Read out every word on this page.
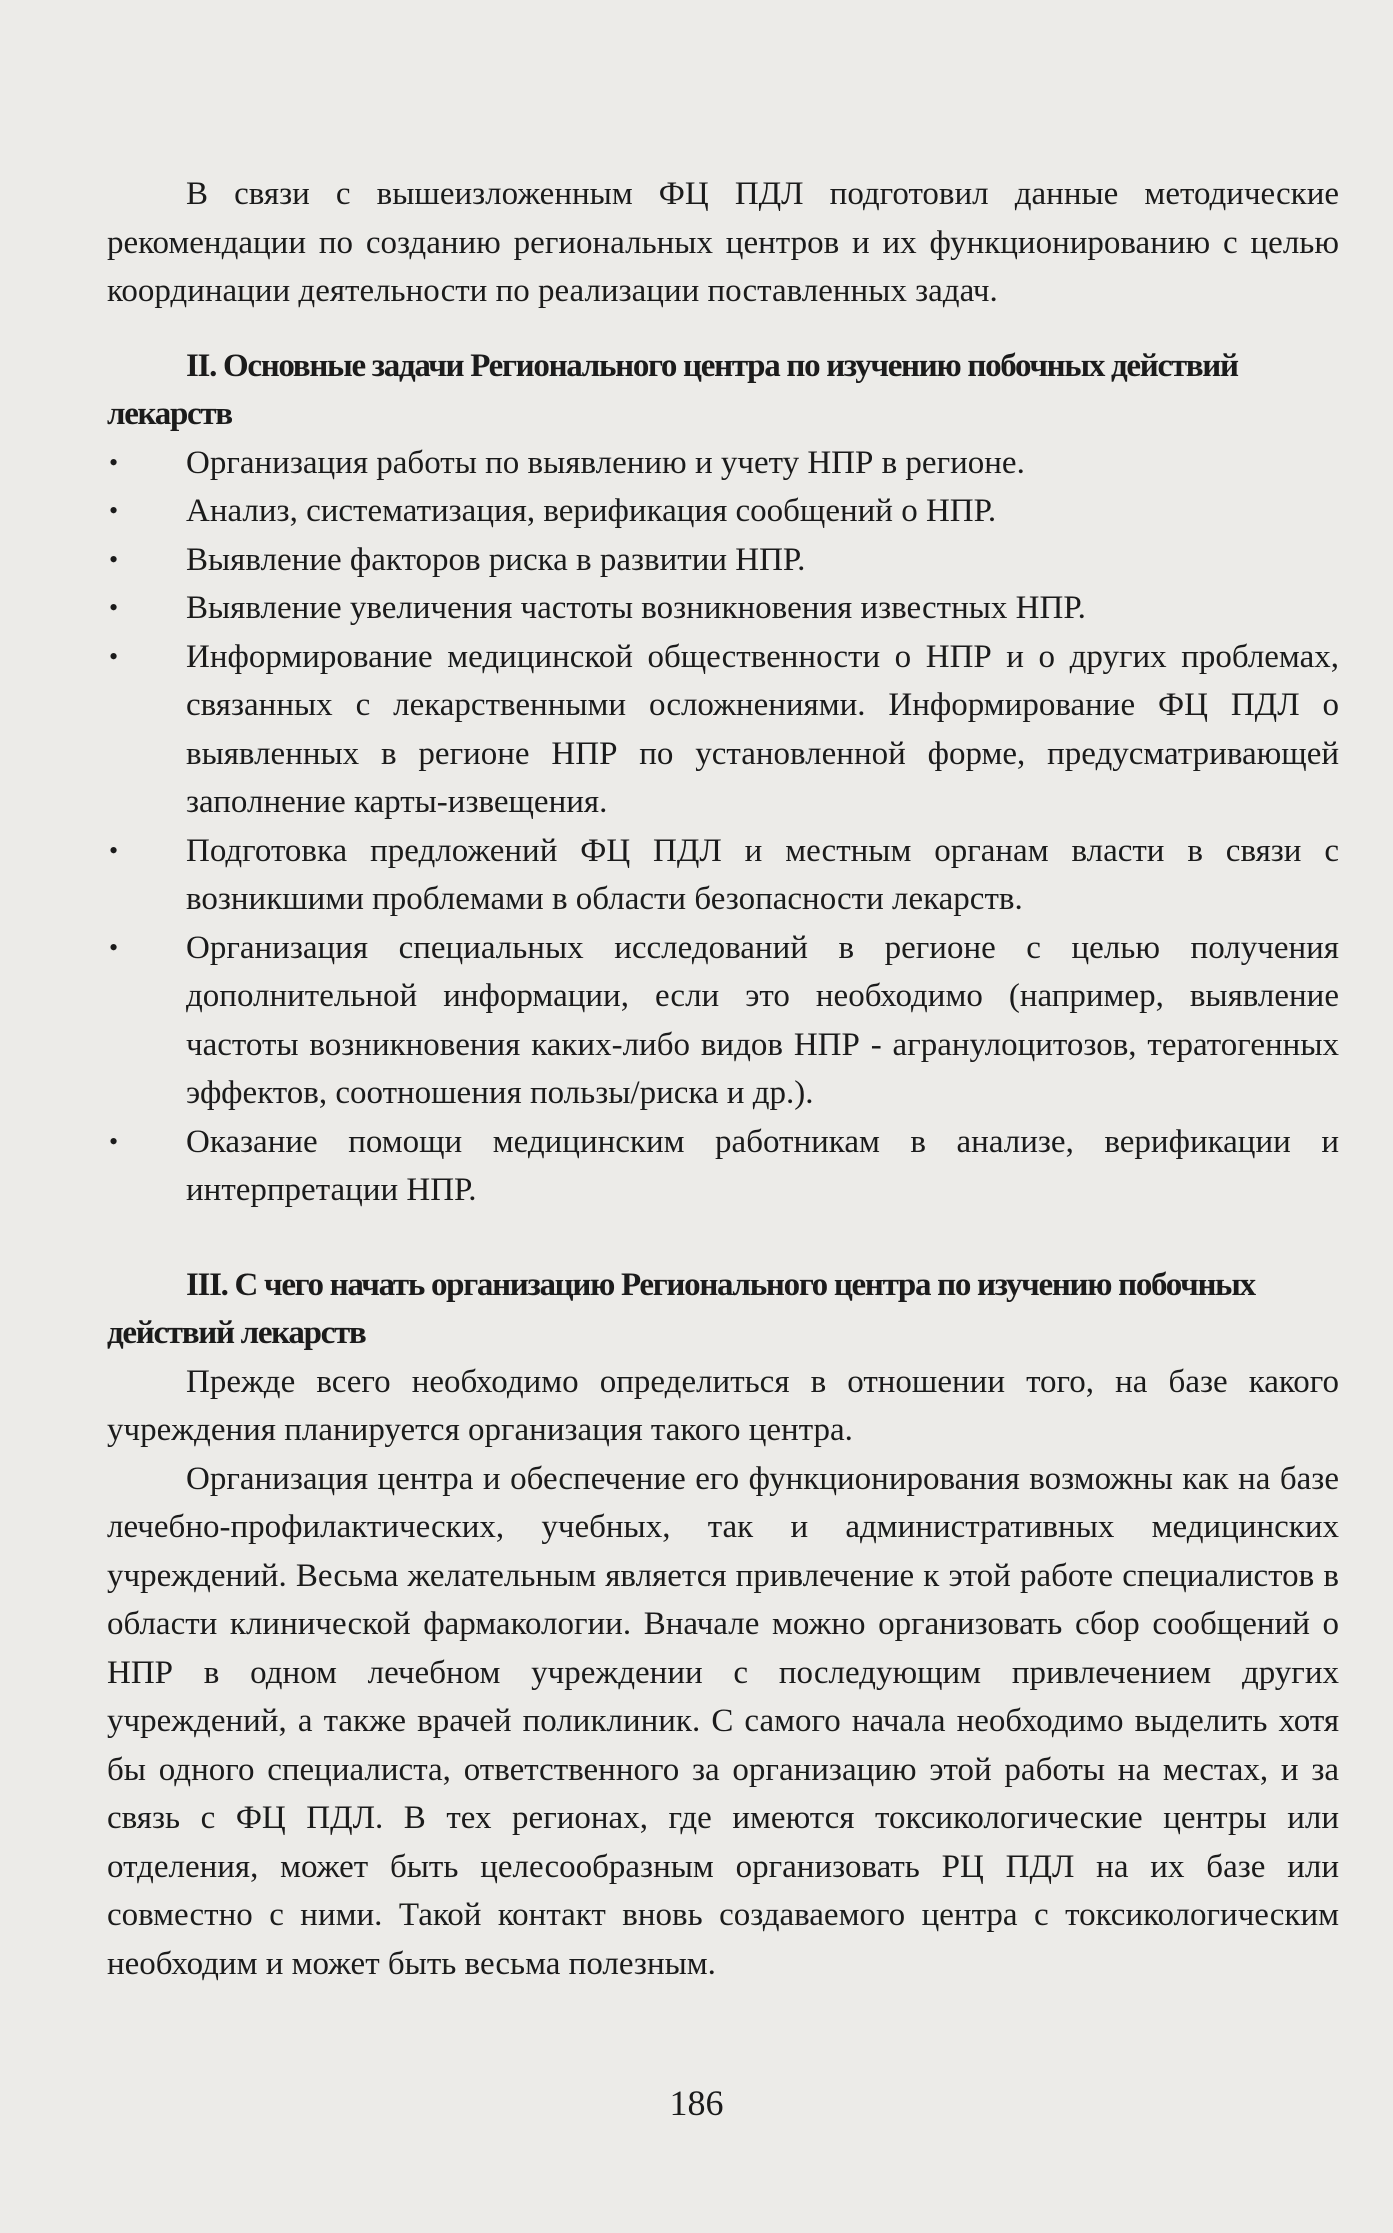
В связи с вышеизложенным ФЦ ПДЛ подготовил данные методические рекомендации по созданию региональных центров и их функционированию с целью координации деятельности по реализации поставленных задач.

II. Основные задачи Регионального центра по изучению побочных действий лекарств
• Организация работы по выявлению и учету НПР в регионе.
• Анализ, систематизация, верификация сообщений о НПР.
• Выявление факторов риска в развитии НПР.
• Выявление увеличения частоты возникновения известных НПР.
• Информирование медицинской общественности о НПР и о других проблемах, связанных с лекарственными осложнениями. Информирование ФЦ ПДЛ о выявленных в регионе НПР по установленной форме, предусматривающей заполнение карты-извещения.
• Подготовка предложений ФЦ ПДЛ и местным органам власти в связи с возникшими проблемами в области безопасности лекарств.
• Организация специальных исследований в регионе с целью получения дополнительной информации, если это необходимо (например, выявление частоты возникновения каких-либо видов НПР - агранулоцитозов, тератогенных эффектов, соотношения пользы/риска и др.).
• Оказание помощи медицинским работникам в анализе, верификации и интерпретации НПР.
III. С чего начать организацию Регионального центра по изучению побочных действий лекарств

Прежде всего необходимо определиться в отношении того, на базе какого учреждения планируется организация такого центра.

Организация центра и обеспечение его функционирования возможны как на базе лечебно-профилактических, учебных, так и административных медицинских учреждений. Весьма желательным является привлечение к этой работе специалистов в области клинической фармакологии. Вначале можно организовать сбор сообщений о НПР в одном лечебном учреждении с последующим привлечением других учреждений, а также врачей поликлиник. С самого начала необходимо выделить хотя бы одного специалиста, ответственного за организацию этой работы на местах, и за связь с ФЦ ПДЛ. В тех регионах, где имеются токсикологические центры или отделения, может быть целесообразным организовать РЦ ПДЛ на их базе или совместно с ними. Такой контакт вновь создаваемого центра с токсикологическим необходим и может быть весьма полезным.

186
